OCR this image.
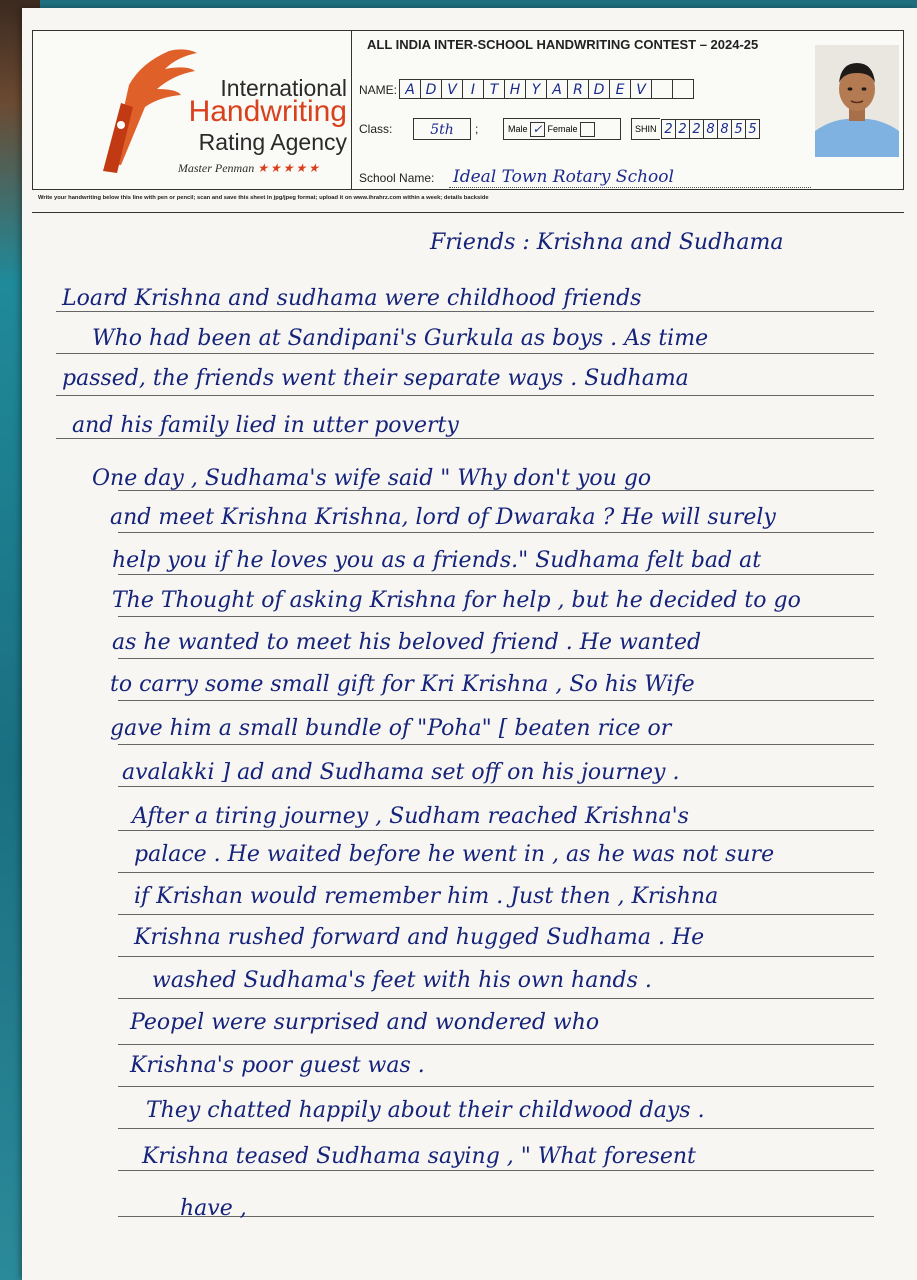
International
Handwriting
Rating Agency
Master Penman ★★★★★
ALL INDIA INTER-SCHOOL HANDWRITING CONTEST – 2024-25
NAME: A D V	I	T H Y A R D E V
Class:	5th	;	Male ✓ Female	SHIN 2 2 2 8 8 5 5
School Name: Ideal Town Rotary School
Write your handwriting below this line with pen or pencil; scan and save this sheet in jpg/jpeg format; upload it on www.ihrahrz.com within a week; details backside
Friends : Krishna and Sudhama
Loard Krishna and sudhama were childhood friends
Who had been at Sandipani's Gurkula as boys . As time
passed, the friends went their separate ways . Sudhama
and his family lied in utter poverty
One day , Sudhama's wife said " Why don't you go
and meet Krishna Krishna, lord of Dwaraka ? He will surely
help you if he loves you as a friends." Sudhama felt bad at
The Thought of asking Krishna for help , but he decided to go
as he wanted to meet his beloved friend . He wanted
to carry some small gift for Kri Krishna , So his Wife
gave him a small bundle of "Poha" [ beaten rice or
avalakki ] ad and Sudhama set off on his journey .
After a tiring journey , Sudham reached Krishna's
palace . He waited before he went in , as he was not sure
if Krishan would remember him . Just then , Krishna
Krishna rushed forward and hugged Sudhama . He
washed Sudhama's feet with his own hands .
Peopel were surprised and wondered who
Krishna's poor guest was .
They chatted happily about their childwood days .
Krishna teased Sudhama saying , " What foresent
have ,
